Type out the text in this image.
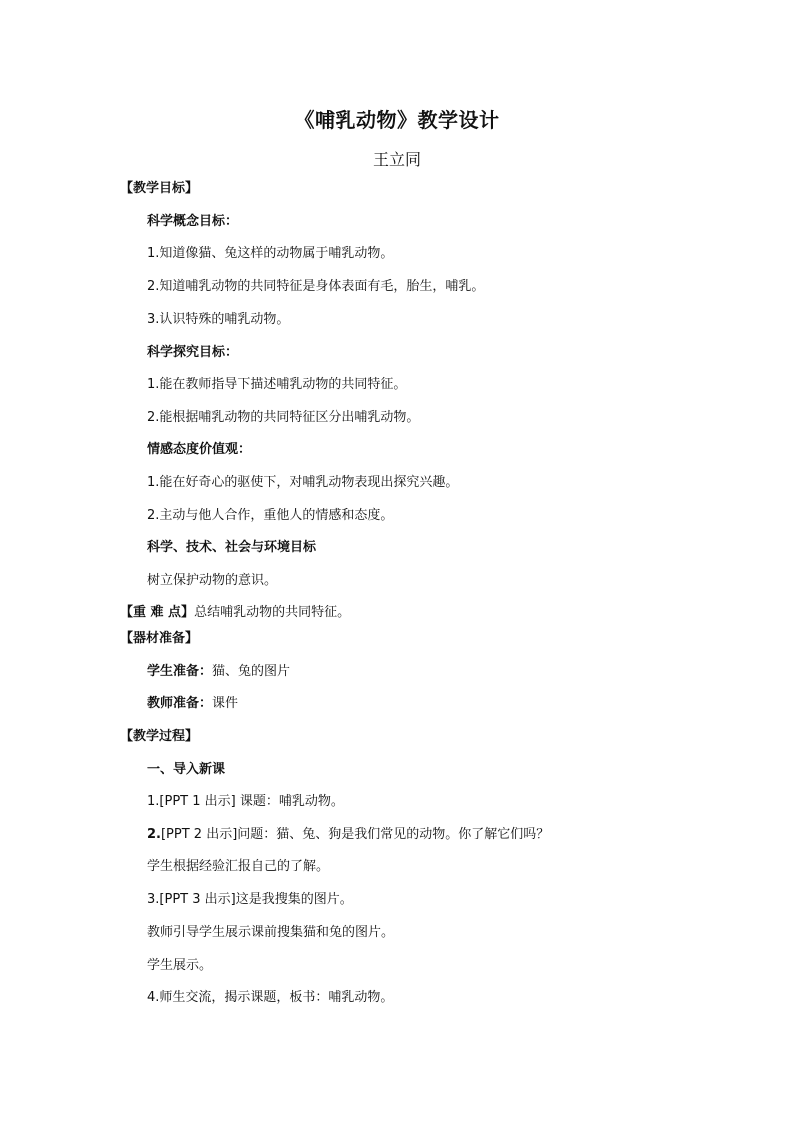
《哺乳动物》教学设计
王立同
【教学目标】
科学概念目标：
1.知道像猫、兔这样的动物属于哺乳动物。
2.知道哺乳动物的共同特征是身体表面有毛，胎生，哺乳。
3.认识特殊的哺乳动物。
科学探究目标：
1.能在教师指导下描述哺乳动物的共同特征。
2.能根据哺乳动物的共同特征区分出哺乳动物。
情感态度价值观：
1.能在好奇心的驱使下，对哺乳动物表现出探究兴趣。
2.主动与他人合作，重他人的情感和态度。
科学、技术、社会与环境目标
树立保护动物的意识。
【重 难 点】总结哺乳动物的共同特征。
【器材准备】
学生准备：猫、兔的图片
教师准备：课件
【教学过程】
一、导入新课
1.[PPT 1 出示] 课题：哺乳动物。
2.[PPT 2 出示]问题：猫、兔、狗是我们常见的动物。你了解它们吗？
学生根据经验汇报自己的了解。
3.[PPT 3 出示]这是我搜集的图片。
教师引导学生展示课前搜集猫和兔的图片。
学生展示。
4.师生交流，揭示课题，板书：哺乳动物。
